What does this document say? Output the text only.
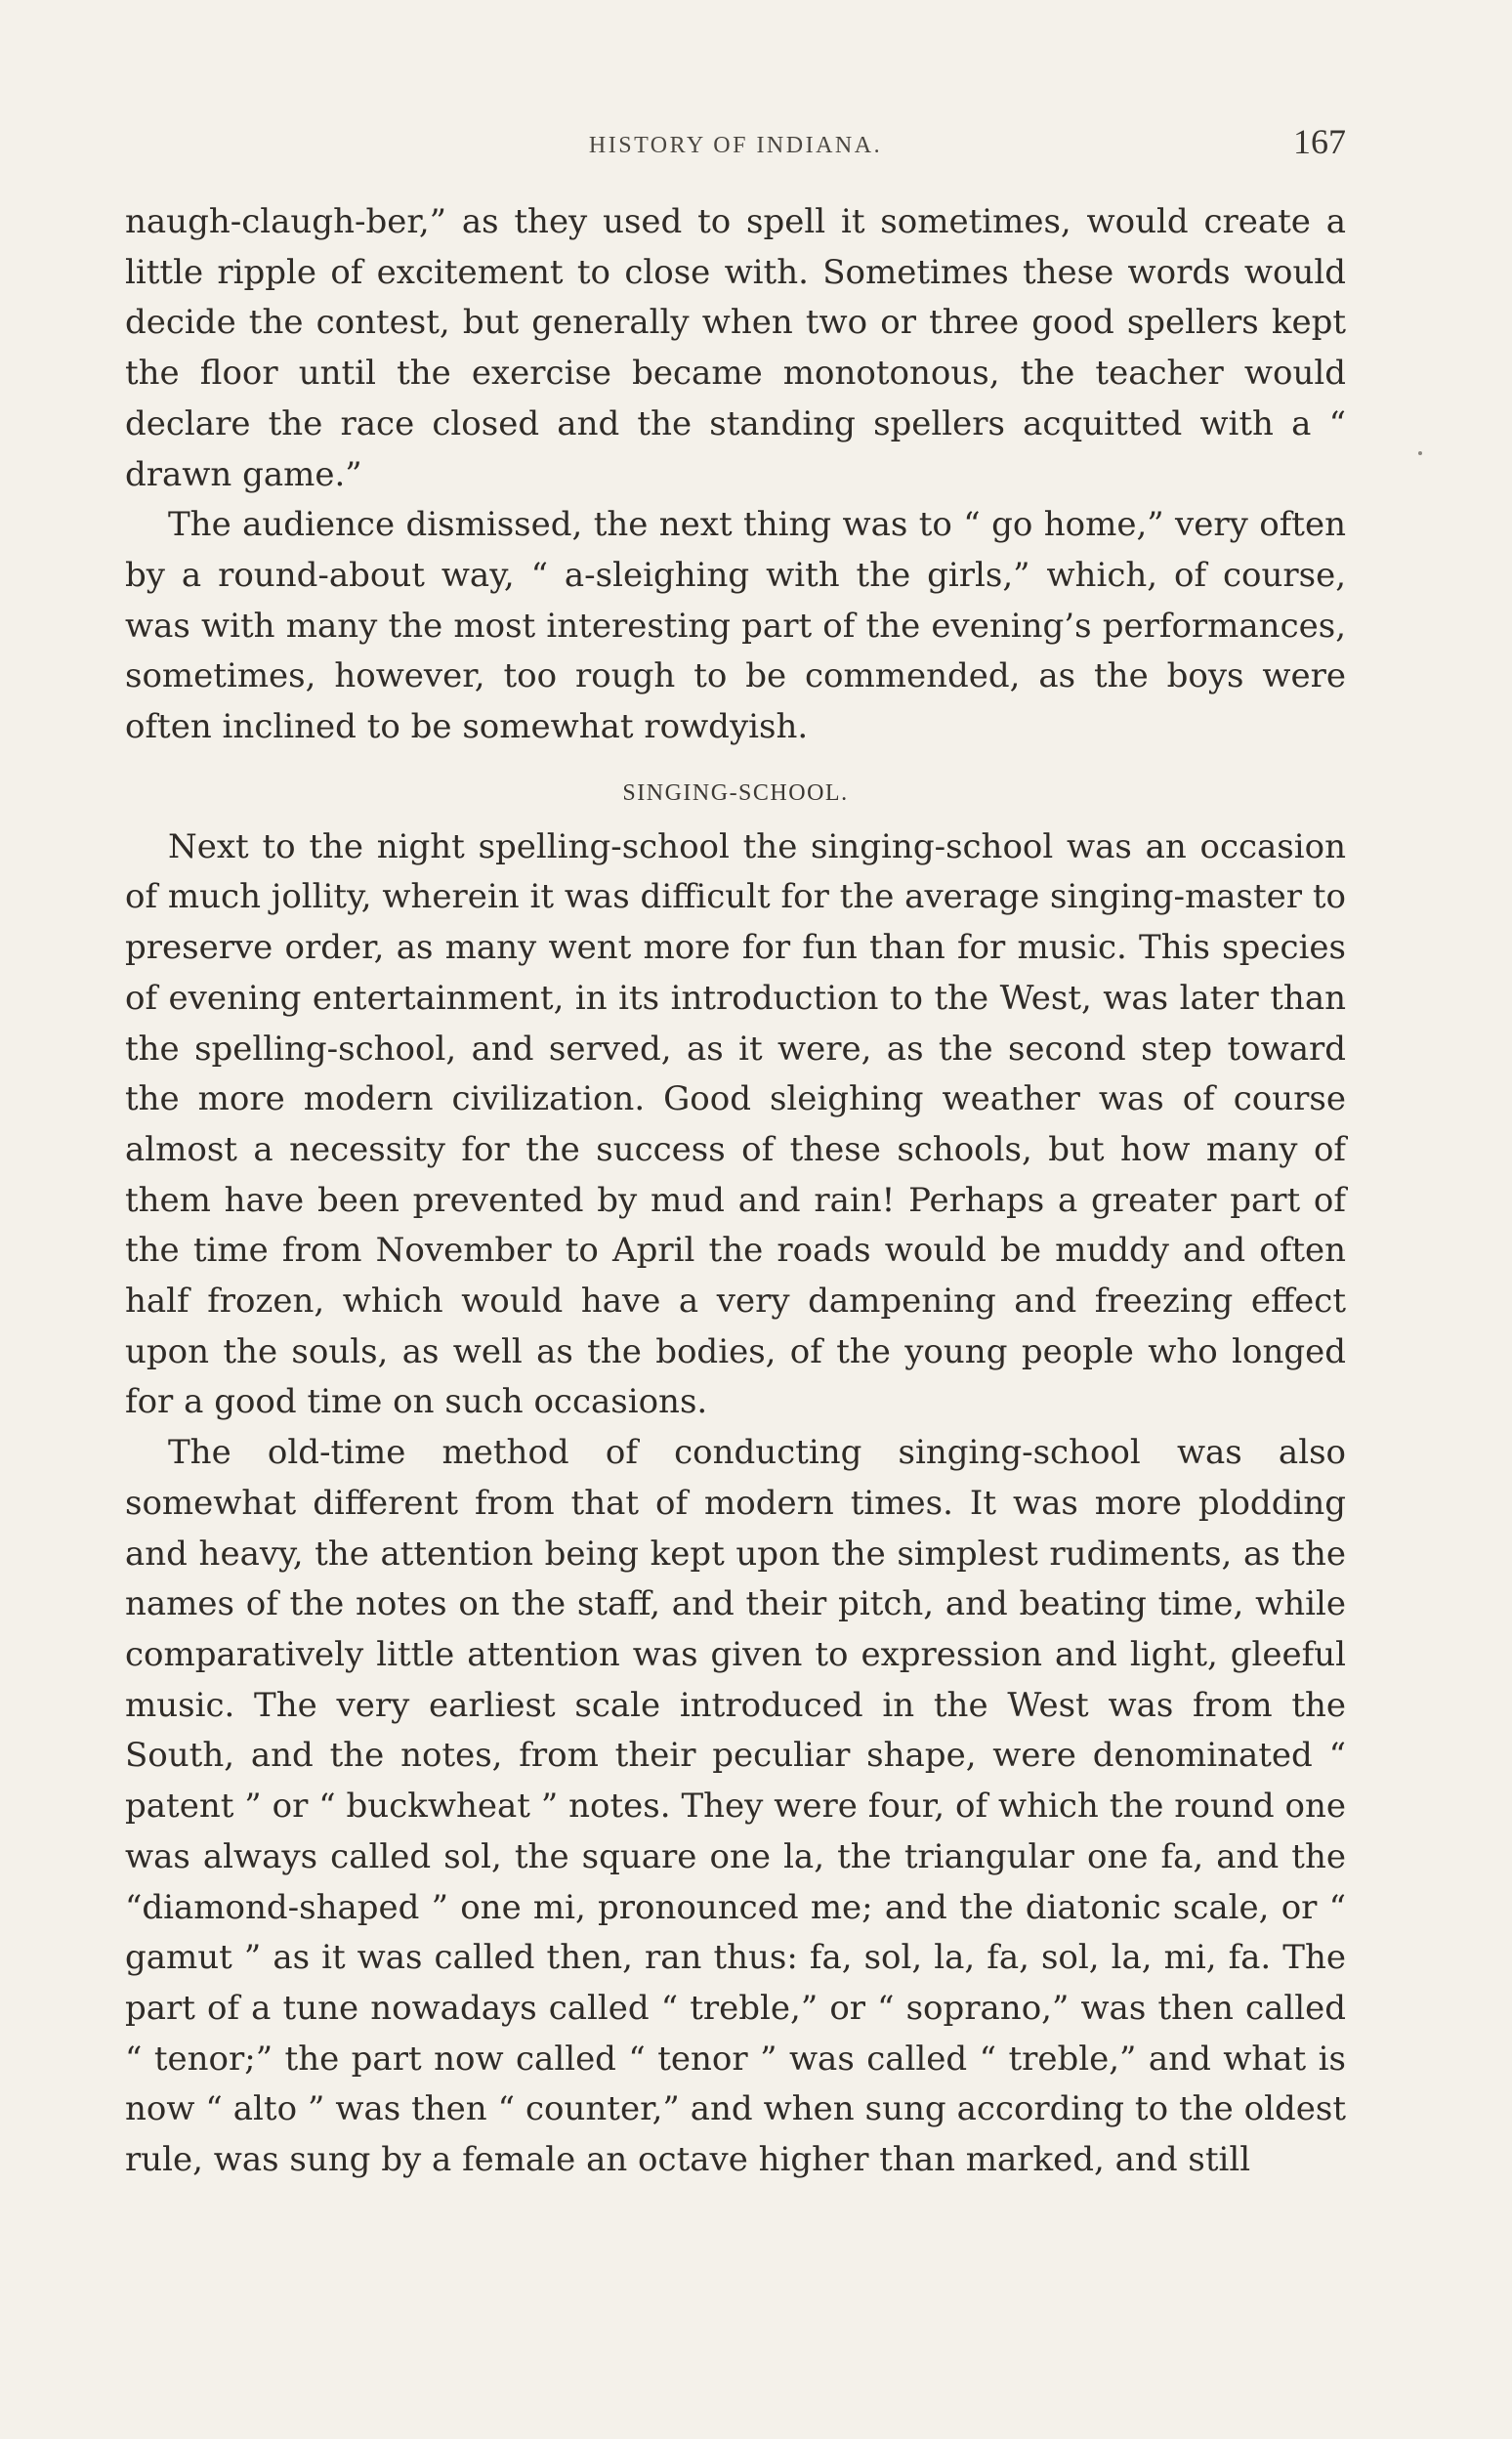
HISTORY OF INDIANA.	167

naugh-claugh-ber,” as they used to spell it sometimes, would create a little ripple of excitement to close with. Sometimes these words would decide the contest, but generally when two or three good spellers kept the floor until the exercise became monotonous, the teacher would declare the race closed and the standing spellers acquitted with a “ drawn game.”

The audience dismissed, the next thing was to “ go home,” very often by a round-about way, “ a-sleighing with the girls,” which, of course, was with many the most interesting part of the evening’s performances, sometimes, however, too rough to be commended, as the boys were often inclined to be somewhat rowdyish.

SINGING-SCHOOL.

Next to the night spelling-school the singing-school was an occasion of much jollity, wherein it was difficult for the average singing-master to preserve order, as many went more for fun than for music. This species of evening entertainment, in its introduction to the West, was later than the spelling-school, and served, as it were, as the second step toward the more modern civilization. Good sleighing weather was of course almost a necessity for the success of these schools, but how many of them have been prevented by mud and rain! Perhaps a greater part of the time from November to April the roads would be muddy and often half frozen, which would have a very dampening and freezing effect upon the souls, as well as the bodies, of the young people who longed for a good time on such occasions.

The old-time method of conducting singing-school was also somewhat different from that of modern times. It was more plodding and heavy, the attention being kept upon the simplest rudiments, as the names of the notes on the staff, and their pitch, and beating time, while comparatively little attention was given to expression and light, gleeful music. The very earliest scale introduced in the West was from the South, and the notes, from their peculiar shape, were denominated “ patent ” or “ buckwheat ” notes. They were four, of which the round one was always called sol, the square one la, the triangular one fa, and the “diamond-shaped ” one mi, pronounced me; and the diatonic scale, or “ gamut ” as it was called then, ran thus: fa, sol, la, fa, sol, la, mi, fa. The part of a tune nowadays called “ treble,” or “ soprano,” was then called “ tenor;” the part now called “ tenor ” was called “ treble,” and what is now “ alto ” was then “ counter,” and when sung according to the oldest rule, was sung by a female an octave higher than marked, and still
